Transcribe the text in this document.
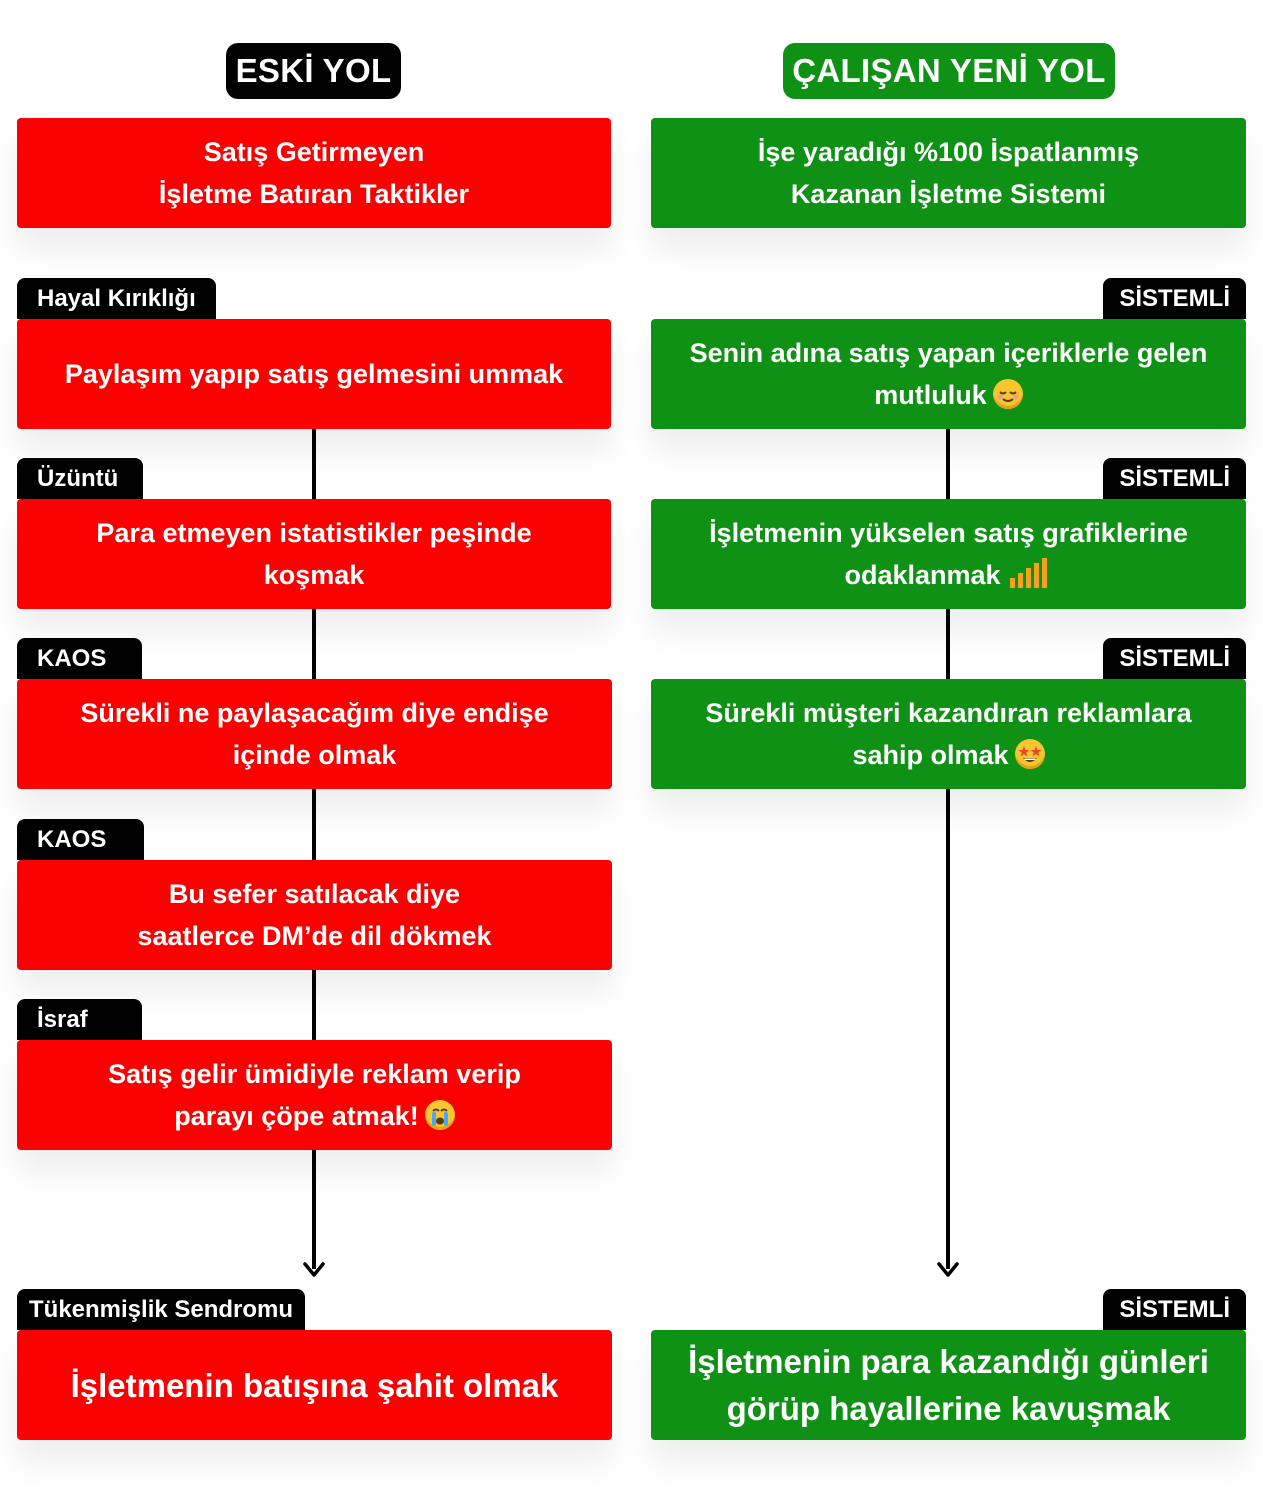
ESKİ YOL	ÇALIŞAN YENİ YOL
Satış Getirmeyen
İşletme Batıran Taktikler
İşe yaradığı %100 İspatlanmış
Kazanan İşletme Sistemi
Hayal Kırıklığı
Paylaşım yapıp satış gelmesini ummak
Üzüntü
Para etmeyen istatistikler peşinde
koşmak
KAOS
Sürekli ne paylaşacağım diye endişe
içinde olmak
KAOS
Bu sefer satılacak diye
saatlerce DM’de dil dökmek
İsraf
Satış gelir ümidiyle reklam verip
parayı çöpe atmak!

Tükenmişlik Sendromu
İşletmenin batışına şahit olmak
SİSTEMLİ
Senin adına satış yapan içeriklerle gelen
mutluluk

SİSTEMLİ
İşletmenin yükselen satış grafiklerine
odaklanmak
SİSTEMLİ
Sürekli müşteri kazandıran reklamlara
sahip olmak

SİSTEMLİ
İşletmenin para kazandığı günleri
görüp hayallerine kavuşmak
